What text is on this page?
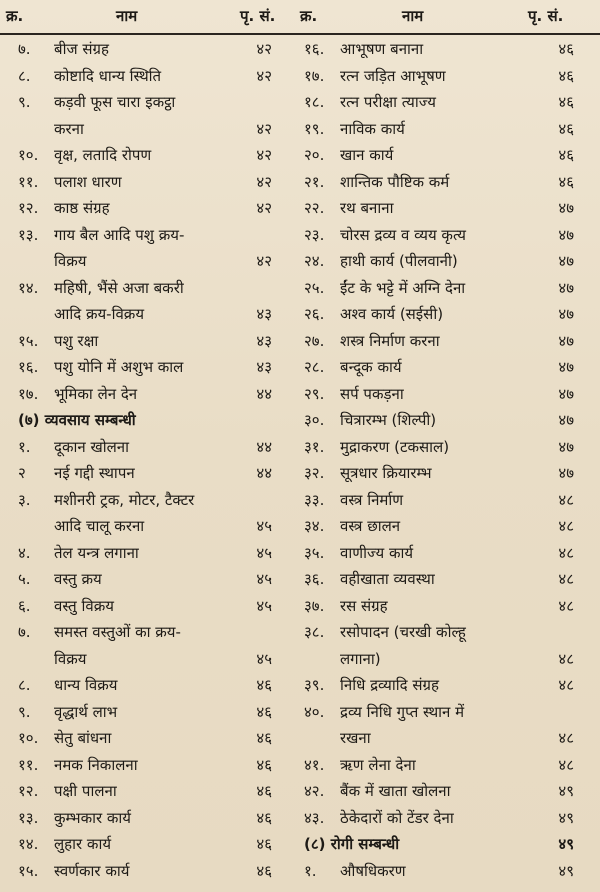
क्र.	नाम	पृ. सं. क्र.	नाम	पृ. सं.
७. बीज संग्रह	४२
८. कोष्टादि धान्य स्थिति	४२
९. कड़वी फूस चारा इकट्ठा
करना	४२
१०. वृक्ष, लतादि रोपण	४२
११. पलाश धारण	४२
१२. काष्ठ संग्रह	४२
१३. गाय बैल आदि पशु क्रय-
विक्रय	४२
१४. महिषी, भैंसे अजा बकरी
आदि क्रय-विक्रय	४३
१५. पशु रक्षा	४३
१६. पशु योनि में अशुभ काल	४३
१७. भूमिका लेन देन	४४
(७) व्यवसाय सम्बन्धी
१. दूकान खोलना	४४
२ नई गद्दी स्थापन	४४
३. मशीनरी ट्रक, मोटर, टैक्टर
आदि चालू करना	४५
४. तेल यन्त्र लगाना	४५
५. वस्तु क्रय	४५
६. वस्तु विक्रय	४५
७. समस्त वस्तुओं का क्रय-
विक्रय	४५
८. धान्य विक्रय	४६
९. वृद्धार्थ लाभ	४६
१०. सेतु बांधना	४६
११. नमक निकालना	४६
१२. पक्षी पालना	४६
१३. कुम्भकार कार्य	४६
१४. लुहार कार्य	४६
१५. स्वर्णकार कार्य	४६
१६. आभूषण बनाना	४६
१७. रत्न जड़ित आभूषण	४६
१८. रत्न परीक्षा त्याज्य	४६
१९. नाविक कार्य	४६
२०. खान कार्य	४६
२१. शान्तिक पौष्टिक कर्म	४६
२२. रथ बनाना	४७
२३. चोरस द्रव्य व व्यय कृत्य	४७
२४. हाथी कार्य (पीलवानी)	४७
२५. ईंट के भट्टे में अग्नि देना	४७
२६. अश्व कार्य (सईसी)	४७
२७. शस्त्र निर्माण करना	४७
२८. बन्दूक कार्य	४७
२९. सर्प पकड़ना	४७
३०. चित्रारम्भ (शिल्पी)	४७
३१. मुद्राकरण (टकसाल)	४७
३२. सूत्रधार क्रियारम्भ	४७
३३. वस्त्र निर्माण	४८
३४. वस्त्र छालन	४८
३५. वाणीज्य कार्य	४८
३६. वहीखाता व्यवस्था	४८
३७. रस संग्रह	४८
३८. रसोपादन (चरखी कोल्हू
लगाना)	४८
३९. निधि द्रव्यादि संग्रह	४८
४०. द्रव्य निधि गुप्त स्थान में
रखना	४८
४१. ऋण लेना देना	४८
४२. बैंक में खाता खोलना	४९
४३. ठेकेदारों को टेंडर देना	४९
(८) रोगी सम्बन्धी	४९
१. औषधिकरण	४९
